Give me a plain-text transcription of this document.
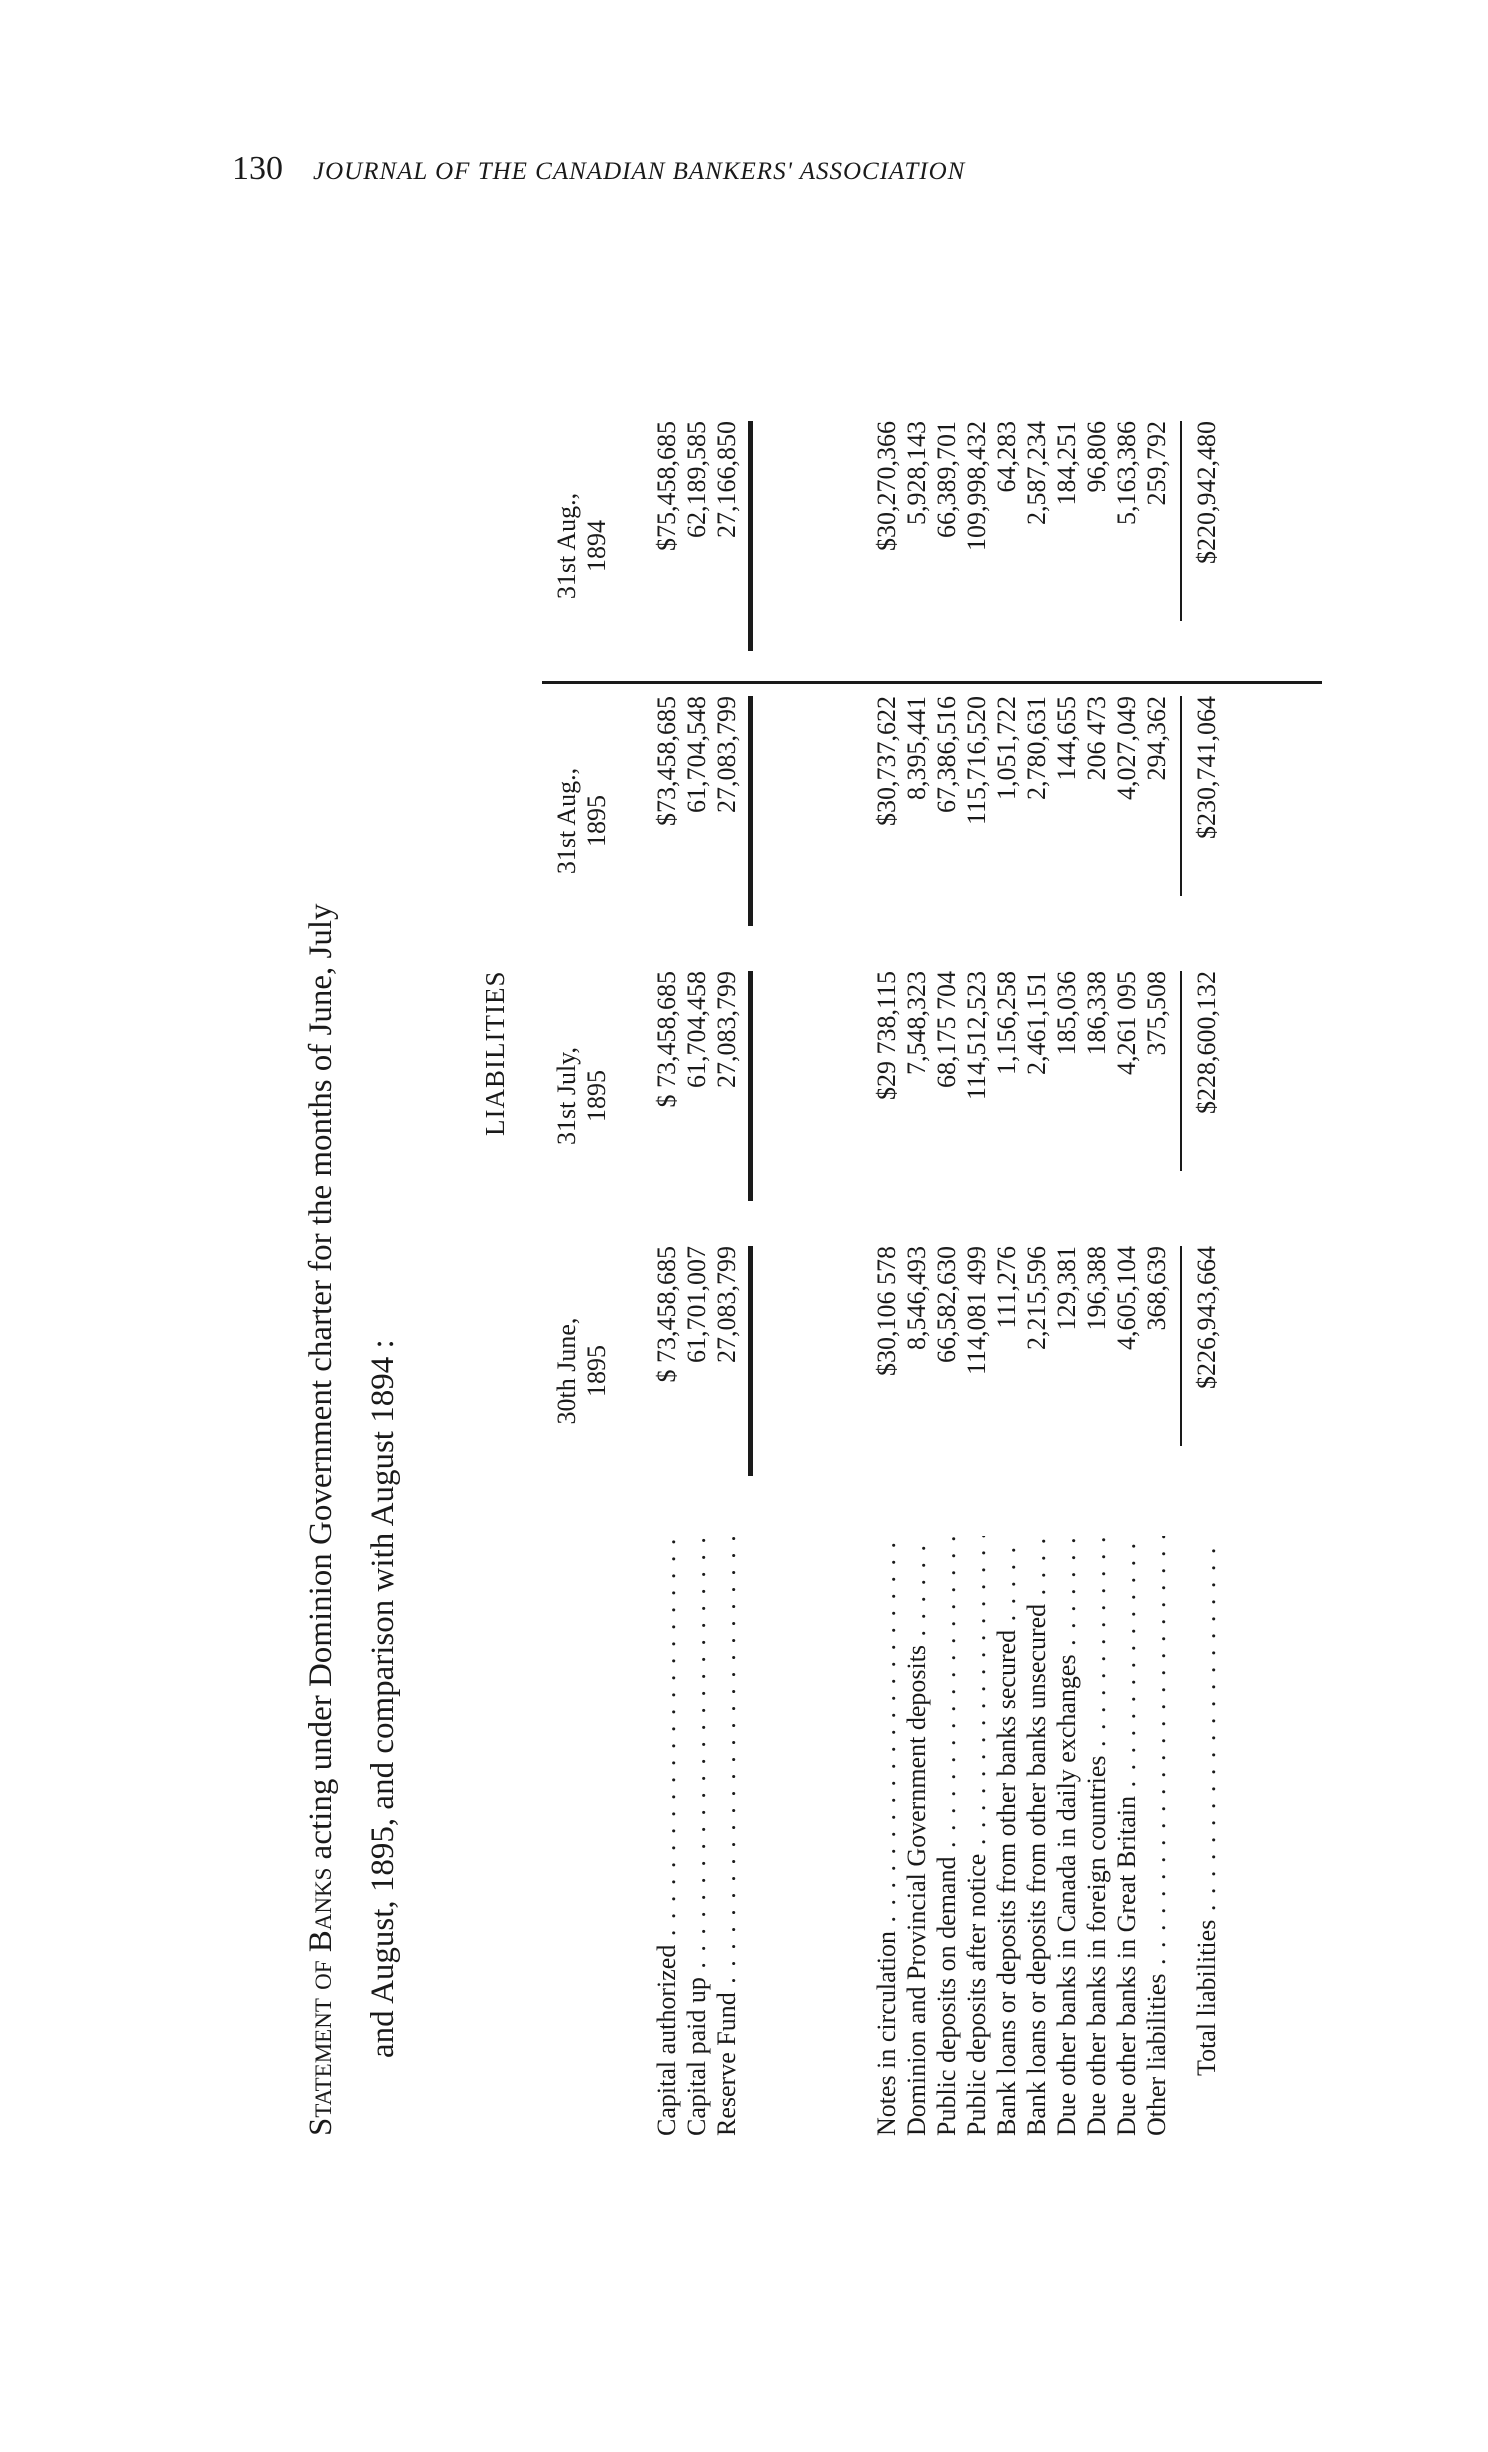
130 JOURNAL OF THE CANADIAN BANKERS' ASSOCIATION
Statement of Banks acting under Dominion Government charter for the months of June, July and August, 1895, and comparison with August 1894 :
LIABILITIES
30th June, 1895
31st July, 1895
31st Aug., 1895
31st Aug., 1894
Capital authorized . . .
$ 73,458,685
$ 73,458,685
$73,458,685
$75,458,685
Capital paid up . . .
61,701,007
61,704,458
61,704,548
62,189,585
Reserve Fund . . .
27,083,799
27,083,799
27,083,799
27,166,850
Notes in circulation . . .
$30,106 578
$29 738,115
$30,737,622
$30,270,366
Dominion and Provincial Government deposits . . .
8,546,493
7,548,323
8,395,441
5,928,143
Public deposits on demand . . .
66,582,630
68,175 704
67,386,516
66,389,701
Public deposits after notice . . .
114,081 499
114,512,523
115,716,520
109,998,432
Bank loans or deposits from other banks secured . . .
111,276
1,156,258
1,051,722
64,283
Bank loans or deposits from other banks unsecured . . .
2,215,596
2,461,151
2,780,631
2,587,234
Due other banks in Canada in daily exchanges . . .
129,381
185,036
144,655
184,251
Due other banks in foreign countries . . .
196,388
186,338
206 473
96,806
Due other banks in Great Britain . . .
4,605,104
4,261 095
4,027,049
5,163,386
Other liabilities . . .
368,639
375,508
294,362
259,792
Total liabilities . . .
$226,943,664
$228,600,132
$230,741,064
$220,942,480
